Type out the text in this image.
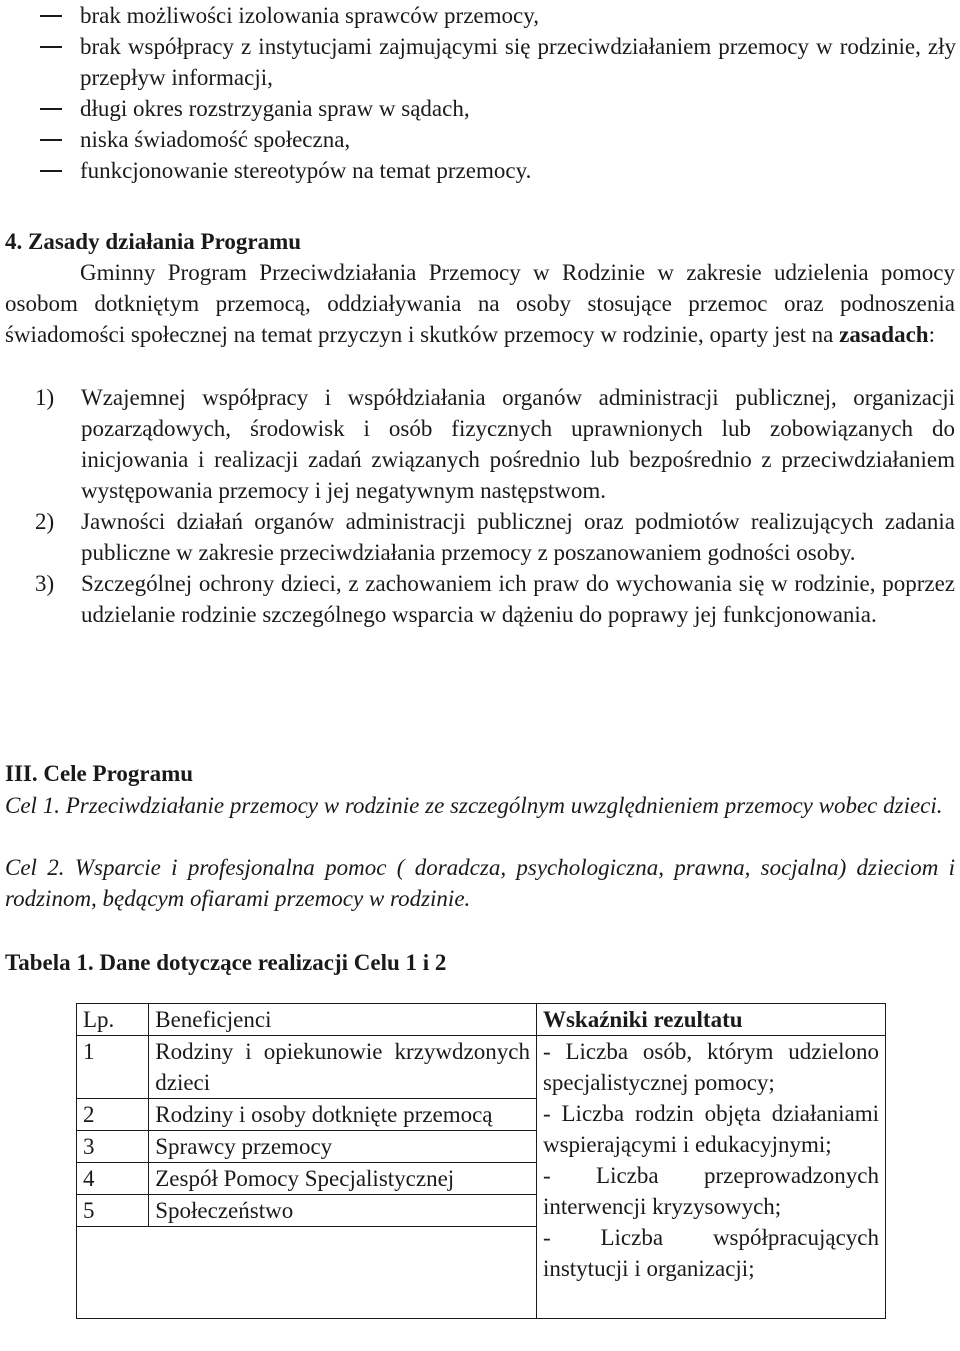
brak możliwości izolowania sprawców przemocy,
brak współpracy z instytucjami zajmującymi się przeciwdziałaniem przemocy w rodzinie, zły przepływ informacji,
długi okres rozstrzygania spraw w sądach,
niska świadomość społeczna,
funkcjonowanie stereotypów na temat przemocy.
4. Zasady działania Programu
Gminny Program Przeciwdziałania Przemocy w Rodzinie w zakresie udzielenia pomocy osobom dotkniętym przemocą, oddziaływania na osoby stosujące przemoc oraz podnoszenia świadomości społecznej na temat przyczyn i skutków przemocy w rodzinie, oparty jest na zasadach:
1) Wzajemnej współpracy i współdziałania organów administracji publicznej, organizacji pozarządowych, środowisk i osób fizycznych uprawnionych lub zobowiązanych do inicjowania i realizacji zadań związanych pośrednio lub bezpośrednio z przeciwdziałaniem występowania przemocy i jej negatywnym następstwom.
2) Jawności działań organów administracji publicznej oraz podmiotów realizujących zadania publiczne w zakresie przeciwdziałania przemocy z poszanowaniem godności osoby.
3) Szczególnej ochrony dzieci, z zachowaniem ich praw do wychowania się w rodzinie, poprzez udzielanie rodzinie szczególnego wsparcia w dążeniu do poprawy jej funkcjonowania.
III. Cele Programu
Cel 1. Przeciwdziałanie przemocy w rodzinie ze szczególnym uwzględnieniem przemocy wobec dzieci.
Cel 2. Wsparcie i profesjonalna pomoc ( doradcza, psychologiczna, prawna, socjalna) dzieciom i rodzinom, będącym ofiarami przemocy w rodzinie.
Tabela 1. Dane dotyczące realizacji Celu 1 i 2
Lp.	Beneficjenci	Wskaźniki rezultatu
1	Rodziny i opiekunowie krzywdzonych dzieci	- Liczba osób, którym udzielono specjalistycznej pomocy;
- Liczba rodzin objęta działaniami wspierającymi i edukacyjnymi;
- Liczba przeprowadzonych interwencji kryzysowych;
- Liczba współpracujących instytucji i organizacji;

2	Rodziny i osoby dotknięte przemocą	
3	Sprawcy przemocy	
4	Zespół Pomocy Specjalistycznej	
5	Społeczeństwo	
